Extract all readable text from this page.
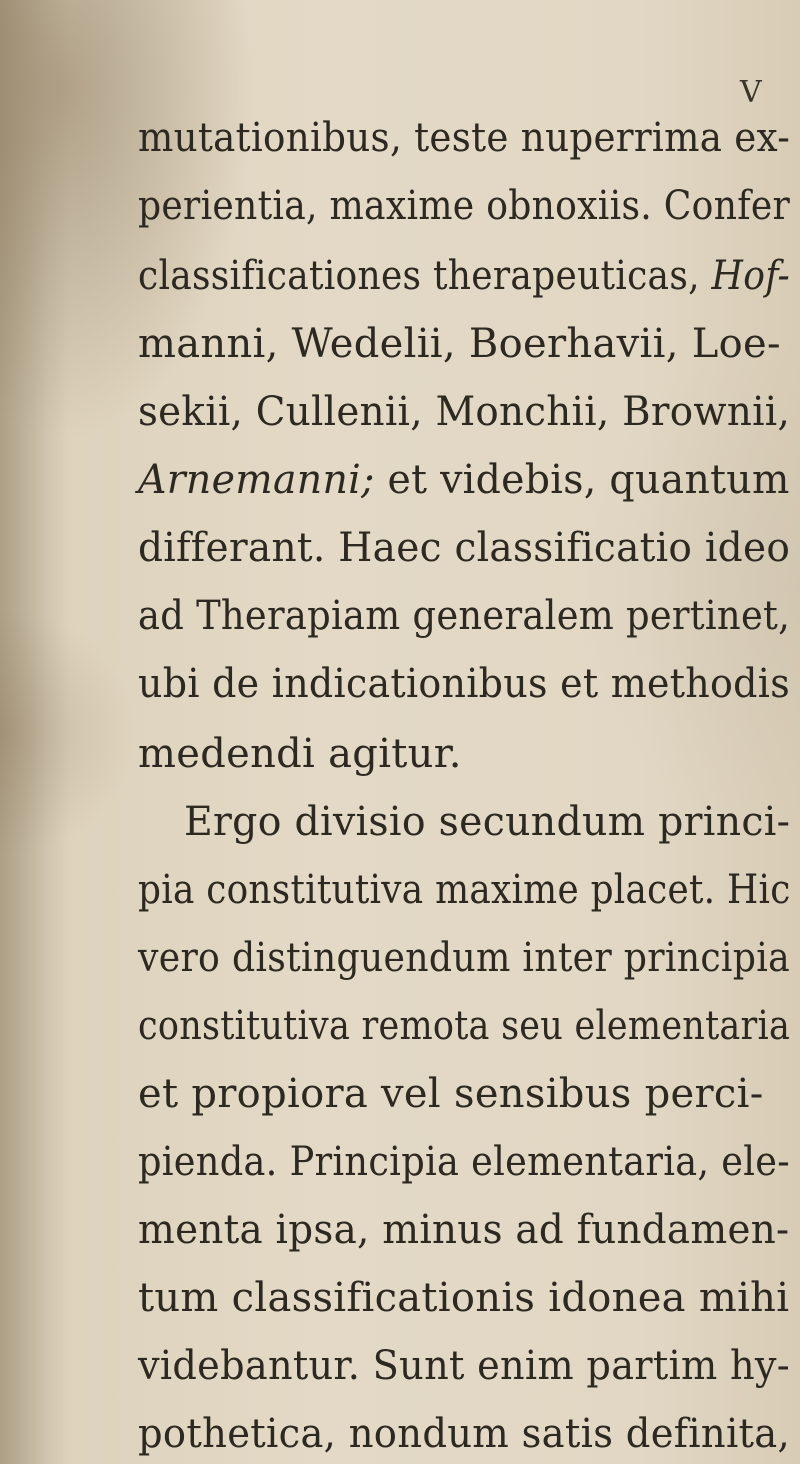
V
mutationibus, teste nuperrima ex-
perientia, maxime obnoxiis. Confer
classificationes therapeuticas, Hof-
manni, Wedelii, Boerhavii, Loe-
sekii, Cullenii, Monchii, Brownii,
Arnemanni; et videbis, quantum
differant. Haec classificatio ideo
ad Therapiam generalem pertinet,
ubi de indicationibus et methodis
medendi agitur.
Ergo divisio secundum princi-
pia constitutiva maxime placet. Hic
vero distinguendum inter principia
constitutiva remota seu elementaria
et propiora vel sensibus perci-
pienda. Principia elementaria, ele-
menta ipsa, minus ad fundamen-
tum classificationis idonea mihi
videbantur. Sunt enim partim hy-
pothetica, nondum satis definita,
